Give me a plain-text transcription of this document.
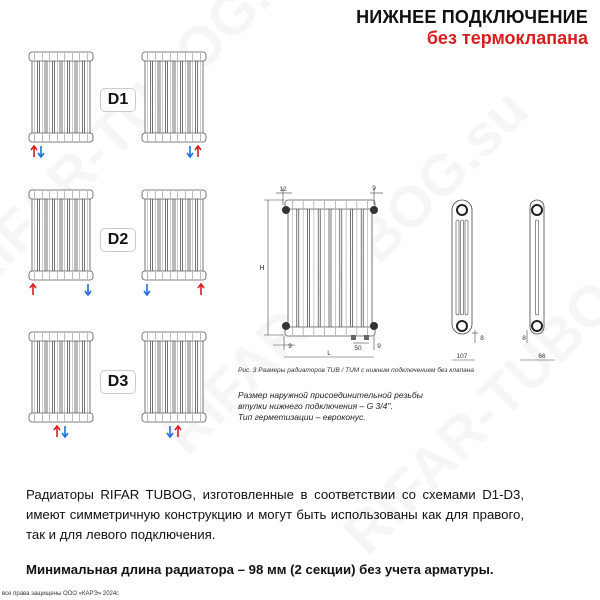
НИЖНЕЕ ПОДКЛЮЧЕНИЕ
без термоклапана
H
12	9
9	50 9
L	107
8	8
66
D1
D2
D3
Рис. 3 Размеры радиаторов TUB / TUM с нижним подключением без клапана
Размер наружной присоединительной резьбы
втулки нижнего подключения – G 3/4''.
Тип герметизации – евроконус.
Радиаторы RIFAR TUBOG, изготовленные в соответствии со схемами D1-D3, имеют симметричную конструкцию и могут быть использованы как для правого, так и для левого подключения.
Минимальная длина радиатора – 98 мм (2 секции) без учета арматуры.
все права защищены ООО «КАРЭ» 2024г.
